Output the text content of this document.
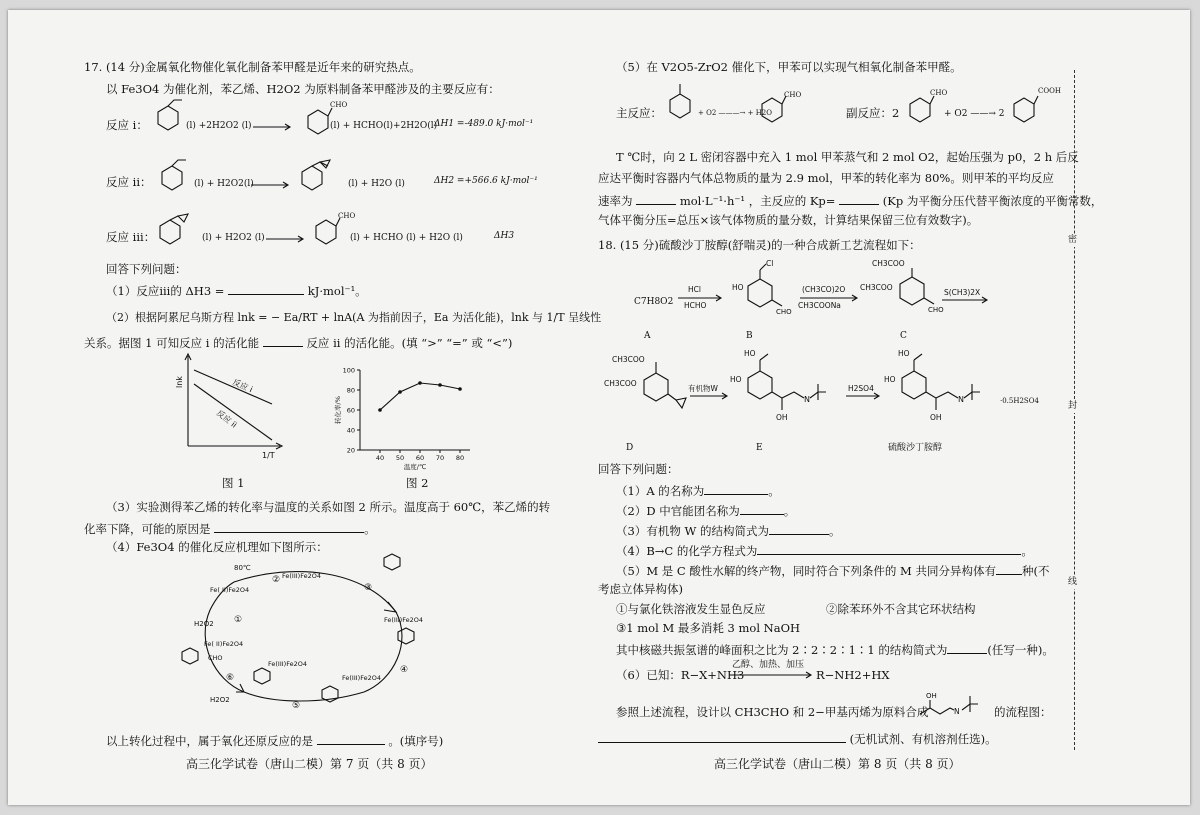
17. (14 分)金属氧化物催化氧化制备苯甲醛是近年来的研究热点。
以 Fe3O4 为催化剂，苯乙烯、H2O2 为原料制备苯甲醛涉及的主要反应有：
反应 i：	(l) +2H2O2 (l)
CHO
(l) + HCHO(l)+2H2O(l)
ΔH1 =-489.0 kJ·mol⁻¹
反应 ii：	(l) + H2O2(l)	(l) + H2O (l)	ΔH2 =+566.6 kJ·mol⁻¹
反应 iii：	(l) + H2O2 (l)
CHO
(l) + HCHO (l) + H2O (l)	ΔH3
回答下列问题：
（1）反应iii的 ΔH3 =	kJ·mol⁻¹。
（2）根据阿累尼乌斯方程 lnk = − Ea/RT + lnA(A 为指前因子，Ea 为活化能)，lnk 与 1/T 呈线性
关系。据图 1 可知反应 i 的活化能	反应 ii 的活化能。(填 “>” “=” 或 “<”)
lnk
1/T
反应 i
反应 ii
图 1
20
40
60
80
100
40 50 60 70 80
温度/℃
转化率/%
图 2
（3）实验测得苯乙烯的转化率与温度的关系如图 2 所示。温度高于 60℃，苯乙烯的转
化率下降，可能的原因是	。
（4）Fe3O4 的催化反应机理如下图所示：
80℃
Fe( II)Fe2O4
Fe(III)Fe2O4
Fe(III)Fe2O4
Fe( II)Fe2O4
Fe(III)Fe2O4
Fe(III)Fe2O4
H2O2
CHO
H2O2
①
②
③
④
⑤
⑥
以上转化过程中，属于氧化还原反应的是	。(填序号)
高三化学试卷（唐山二模）第 7 页（共 8 页）
（5）在 V2O5-ZrO2 催化下，甲苯可以实现气相氧化制备苯甲醛。
主反应：	+ O2 ———→ + H2O
CHO
副反应：2
CHO
+ O2 ——→ 2
COOH
T ℃时，向 2 L 密闭容器中充入 1 mol 甲苯蒸气和 2 mol O2，起始压强为 p0，2 h 后反
应达平衡时容器内气体总物质的量为 2.9 mol，甲苯的转化率为 80%。则甲苯的平均反应
速率为	mol·L⁻¹·h⁻¹ ，主反应的 Kp=	(Kp 为平衡分压代替平衡浓度的平衡常数，
气体平衡分压=总压×该气体物质的量分数，计算结果保留三位有效数字)。
18. (15 分)硫酸沙丁胺醇(舒喘灵)的一种合成新工艺流程如下：
C7H8O2
HCl
HCHO
Cl
HO
CHO
(CH3CO)2O
CH3COONa
CH3COO
CH3COO
CHO
S(CH3)2X
A	B	C
CH3COO
CH3COO
有机物W
HO
HO
OH
N
H2SO4
HO
HO
OH
N	·0.5H2SO4
D	E	硫酸沙丁胺醇
回答下列问题：
（1）A 的名称为	。
（2）D 中官能团名称为	。
（3）有机物 W 的结构简式为	。
（4）B→C 的化学方程式为	。
（5）M 是 C 酸性水解的终产物，同时符合下列条件的 M 共同分异构体有 种(不
考虑立体异构体)
①与氯化铁溶液发生显色反应	②除苯环外不含其它环状结构
③1 mol M 最多消耗 3 mol NaOH
其中核磁共振氢谱的峰面积之比为 2∶2∶2∶1∶1 的结构简式为	(任写一种)。
（6）已知：R−X+NH3
乙醇、加热、加压
R−NH2+HX
参照上述流程，设计以 CH3CHO 和 2−甲基丙烯为原料合成
OH
N	的流程图：
(无机试剂、有机溶剂任选)。
高三化学试卷（唐山二模）第 8 页（共 8 页）
密
封
线
